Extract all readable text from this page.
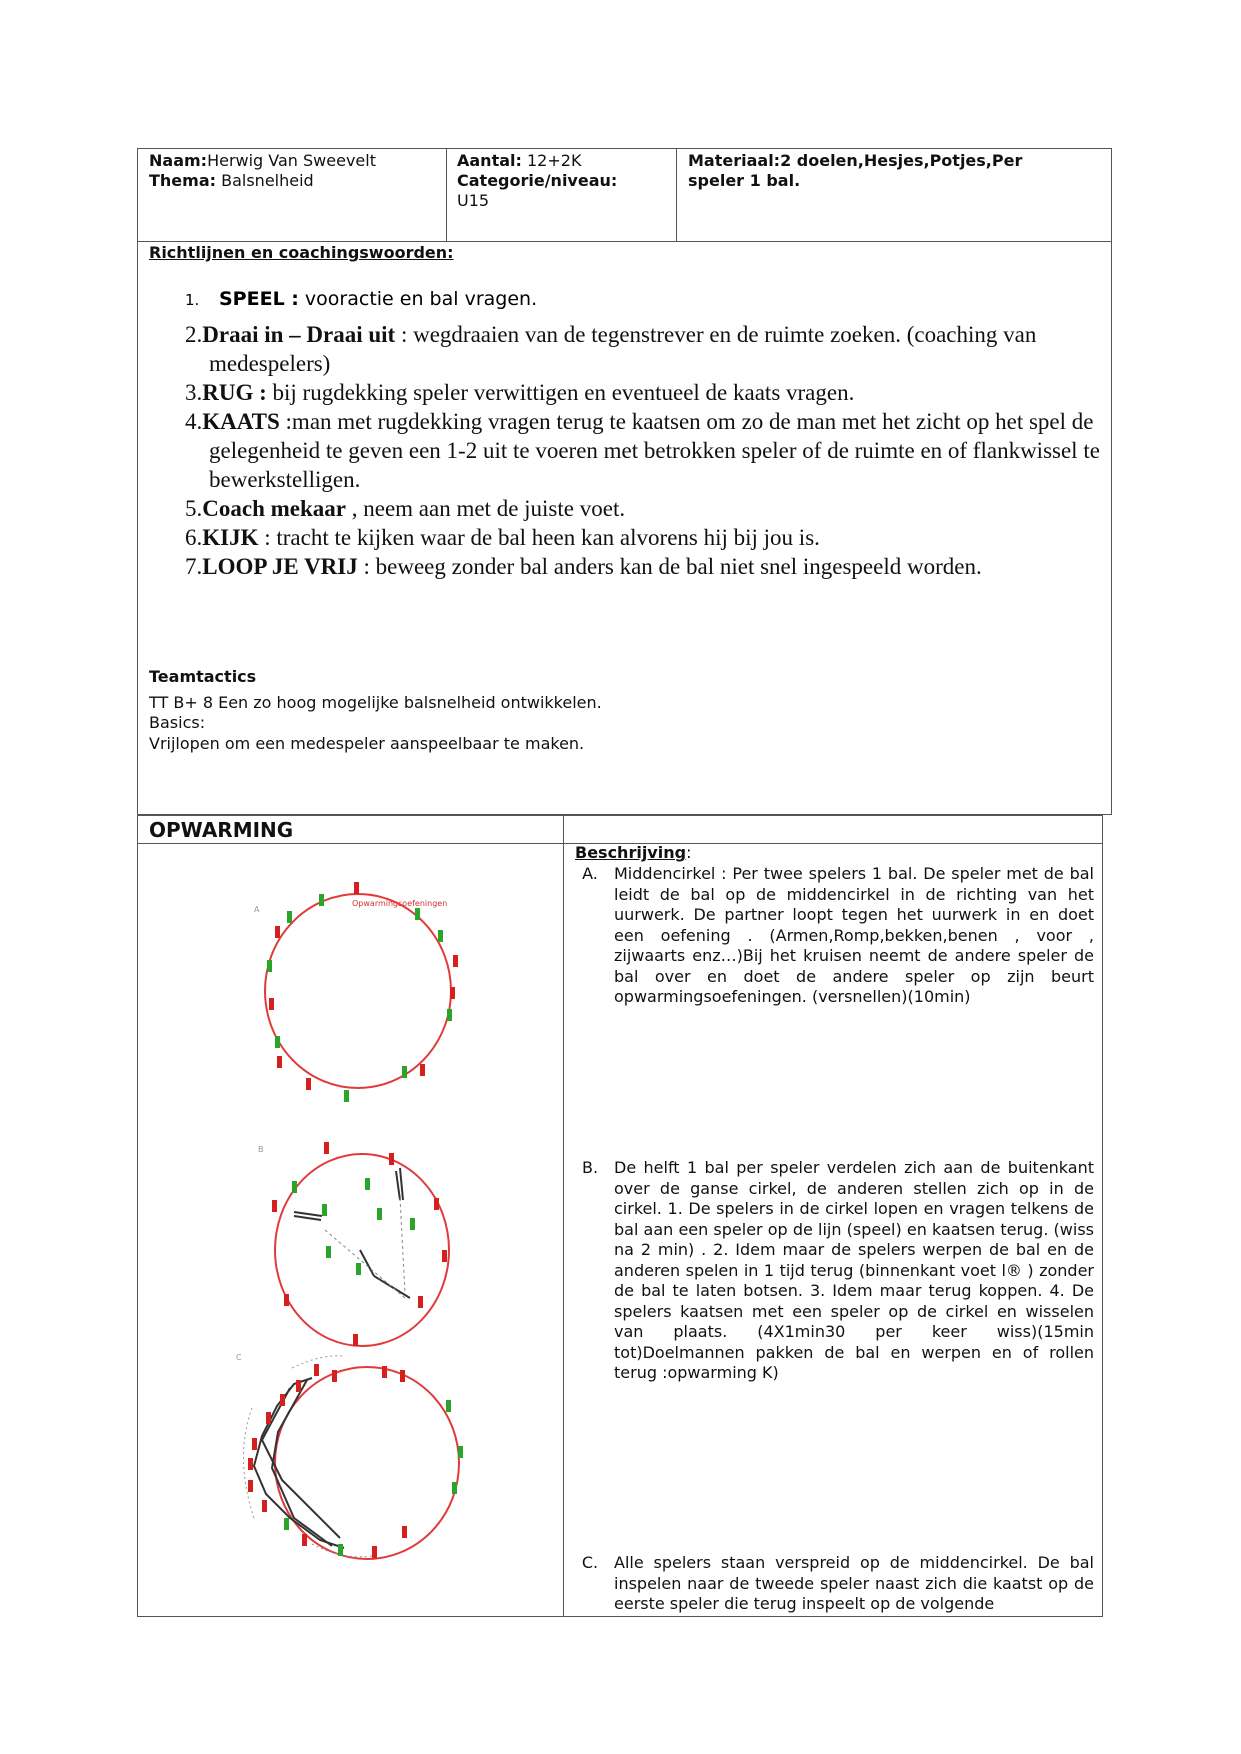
Naam:Herwig Van Sweevelt
Thema: Balsnelheid
Aantal: 12+2K
Categorie/niveau:
U15
Materiaal:2 doelen,Hesjes,Potjes,Per speler 1 bal.
Richtlijnen en coachingswoorden:
1. SPEEL : vooractie en bal vragen.
2.Draai in – Draai uit : wegdraaien van de tegenstrever en de ruimte zoeken. (coaching van medespelers)
3.RUG : bij rugdekking speler verwittigen en eventueel de kaats vragen.
4.KAATS :man met rugdekking vragen terug te kaatsen om zo de man met het zicht op het spel de gelegenheid te geven een 1-2 uit te voeren met betrokken speler of de ruimte en of flankwissel te bewerkstelligen.
5.Coach mekaar , neem aan met de juiste voet.
6.KIJK : tracht te kijken waar de bal heen kan alvorens hij bij jou is.
7.LOOP JE VRIJ : beweeg zonder bal anders kan de bal niet snel ingespeeld worden.
Teamtactics
TT B+ 8 Een zo hoog mogelijke balsnelheid ontwikkelen.
Basics:
Vrijlopen om een medespeler aanspeelbaar te maken.
OPWARMING
Beschrijving:
A.	Middencirkel : Per twee spelers 1 bal. De speler met de bal leidt de bal op de middencirkel in de richting van het uurwerk. De partner loopt tegen het uurwerk in en doet een oefening . (Armen,Romp,bekken,benen , voor , zijwaarts enz…)Bij het kruisen neemt de andere speler de bal over en doet de andere speler op zijn beurt opwarmingsoefeningen. (versnellen)(10min)
B. De helft 1 bal per speler verdelen zich aan de buitenkant over de ganse cirkel, de anderen stellen zich op in de cirkel. 1. De spelers in de cirkel lopen en vragen telkens de bal aan een speler op de lijn (speel) en kaatsen terug. (wiss na 2 min) . 2. Idem maar de spelers werpen de bal en de anderen spelen in 1 tijd terug (binnenkant voet l® ) zonder de bal te laten botsen. 3. Idem maar terug koppen. 4. De spelers kaatsen met een speler op de cirkel en wisselen van plaats. (4X1min30 per keer wiss)(15min tot)Doelmannen pakken de bal en werpen en of rollen terug :opwarming K)
C. Alle spelers staan verspreid op de middencirkel. De bal inspelen naar de tweede speler naast zich die kaatst op de eerste speler die terug inspeelt op de volgende
A
Opwarmingsoefeningen
B
C
